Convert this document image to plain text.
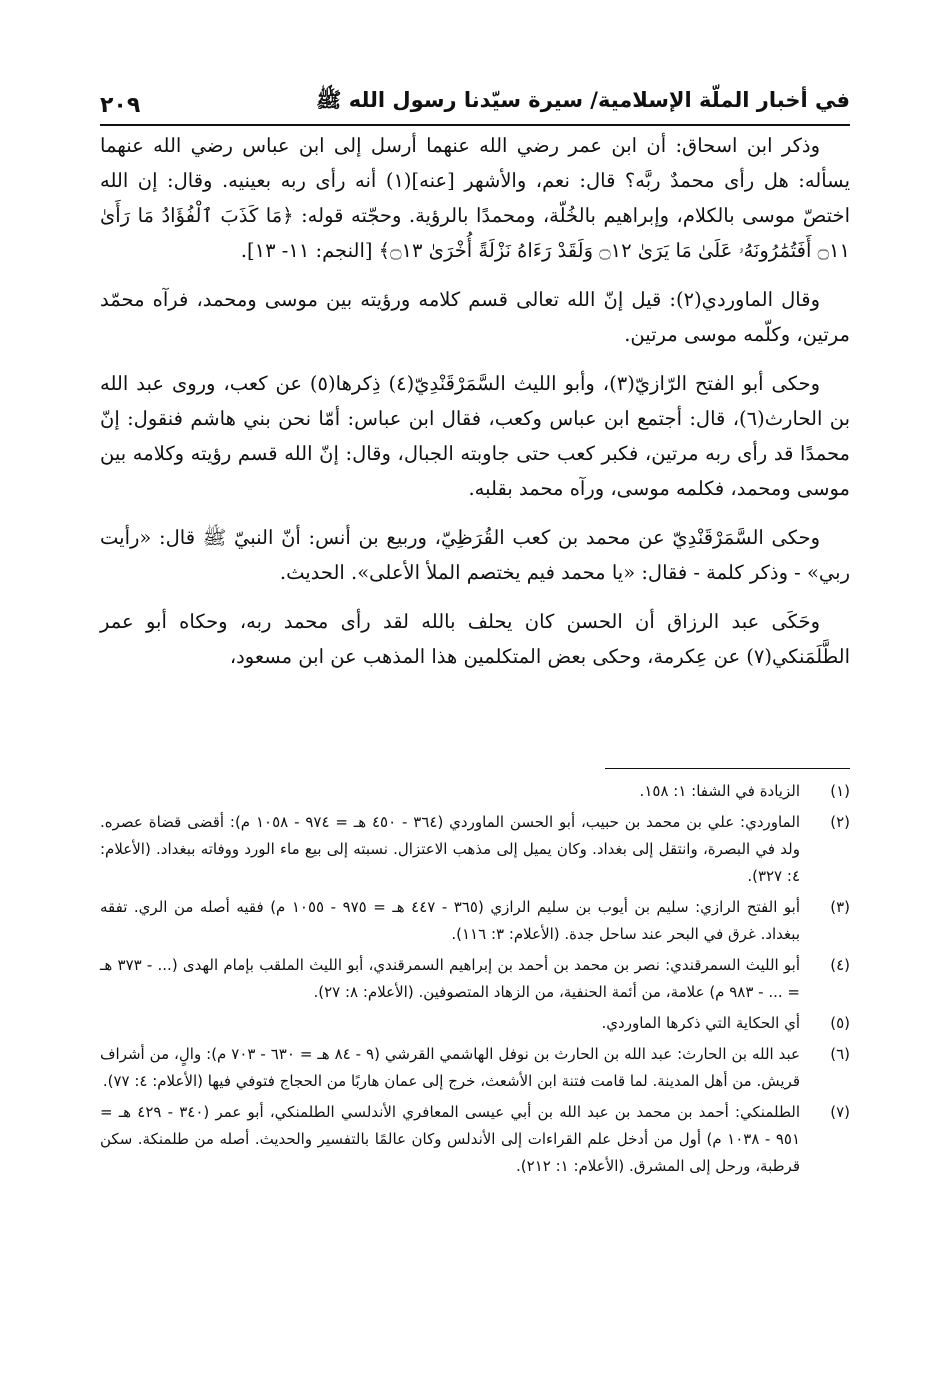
في أخبار الملّة الإسلامية/ سيرة سيّدنا رسول الله ﷺ
٢٠٩

وذكر ابن اسحاق: أن ابن عمر رضي الله عنهما أرسل إلى ابن عباس رضي الله عنهما يسأله: هل رأى محمدٌ ربَّه؟ قال: نعم، والأشهر [عنه](١) أنه رأى ربه بعينيه. وقال: إن الله اختصّ موسى بالكلام، وإبراهيم بالخُلّة، ومحمدًا بالرؤية. وحجّته قوله: ﴿مَا كَذَبَ ٱلْفُؤَادُ مَا رَأَىٰ ۝١١ أَفَتُمَٰرُونَهُۥ عَلَىٰ مَا يَرَىٰ ۝١٢ وَلَقَدْ رَءَاهُ نَزْلَةً أُخْرَىٰ ۝١٣﴾ [النجم: ١١- ١٣].

وقال الماوردي(٢): قيل إنّ الله تعالى قسم كلامه ورؤيته بين موسى ومحمد، فرآه محمّد مرتين، وكلّمه موسى مرتين.

وحكى أبو الفتح الرّازيّ(٣)، وأبو الليث السَّمَرْقَنْدِيّ(٤) ذِكرها(٥) عن كعب، وروى عبد الله بن الحارث(٦)، قال: أجتمع ابن عباس وكعب، فقال ابن عباس: أمّا نحن بني هاشم فنقول: إنّ محمدًا قد رأى ربه مرتين، فكبر كعب حتى جاوبته الجبال، وقال: إنّ الله قسم رؤيته وكلامه بين موسى ومحمد، فكلمه موسى، ورآه محمد بقلبه.

وحكى السَّمَرْقَنْدِيّ عن محمد بن كعب القُرَظِيّ، وربيع بن أنس: أنّ النبيّ ﷺ قال: «رأيت ربي» - وذكر كلمة - فقال: «يا محمد فيم يختصم الملأ الأعلى». الحديث.

وحَكَى عبد الرزاق أن الحسن كان يحلف بالله لقد رأى محمد ربه، وحكاه أبو عمر الطَّلَمَنكي(٧) عن عِكرمة، وحكى بعض المتكلمين هذا المذهب عن ابن مسعود،

(١)
الزيادة في الشفا: ١: ١٥٨.
(٢)
الماوردي: علي بن محمد بن حبيب، أبو الحسن الماوردي (٣٦٤ - ٤٥٠ هـ = ٩٧٤ - ١٠٥٨ م): أقضى قضاة عصره. ولد في البصرة، وانتقل إلى بغداد. وكان يميل إلى مذهب الاعتزال. نسبته إلى بيع ماء الورد ووفاته ببغداد. (الأعلام: ٤: ٣٢٧).
(٣)
أبو الفتح الرازي: سليم بن أيوب بن سليم الرازي (٣٦٥ - ٤٤٧ هـ = ٩٧٥ - ١٠٥٥ م) فقيه أصله من الري. تفقه ببغداد. غرق في البحر عند ساحل جدة. (الأعلام: ٣: ١١٦).
(٤)
أبو الليث السمرقندي: نصر بن محمد بن أحمد بن إبراهيم السمرقندي، أبو الليث الملقب بإمام الهدى (... - ٣٧٣ هـ = ... - ٩٨٣ م) علامة، من أئمة الحنفية، من الزهاد المتصوفين. (الأعلام: ٨: ٢٧).
(٥)
أي الحكاية التي ذكرها الماوردي.
(٦)
عبد الله بن الحارث: عبد الله بن الحارث بن نوفل الهاشمي القرشي (٩ - ٨٤ هـ = ٦٣٠ - ٧٠٣ م): والٍ، من أشراف قريش. من أهل المدينة. لما قامت فتنة ابن الأشعث، خرج إلى عمان هاربًا من الحجاج فتوفي فيها (الأعلام: ٤: ٧٧).
(٧)
الطلمنكي: أحمد بن محمد بن عبد الله بن أبي عيسى المعافري الأندلسي الطلمنكي، أبو عمر (٣٤٠ - ٤٢٩ هـ = ٩٥١ - ١٠٣٨ م) أول من أدخل علم القراءات إلى الأندلس وكان عالمًا بالتفسير والحديث. أصله من طلمنكة. سكن قرطبة، ورحل إلى المشرق. (الأعلام: ١: ٢١٢).
